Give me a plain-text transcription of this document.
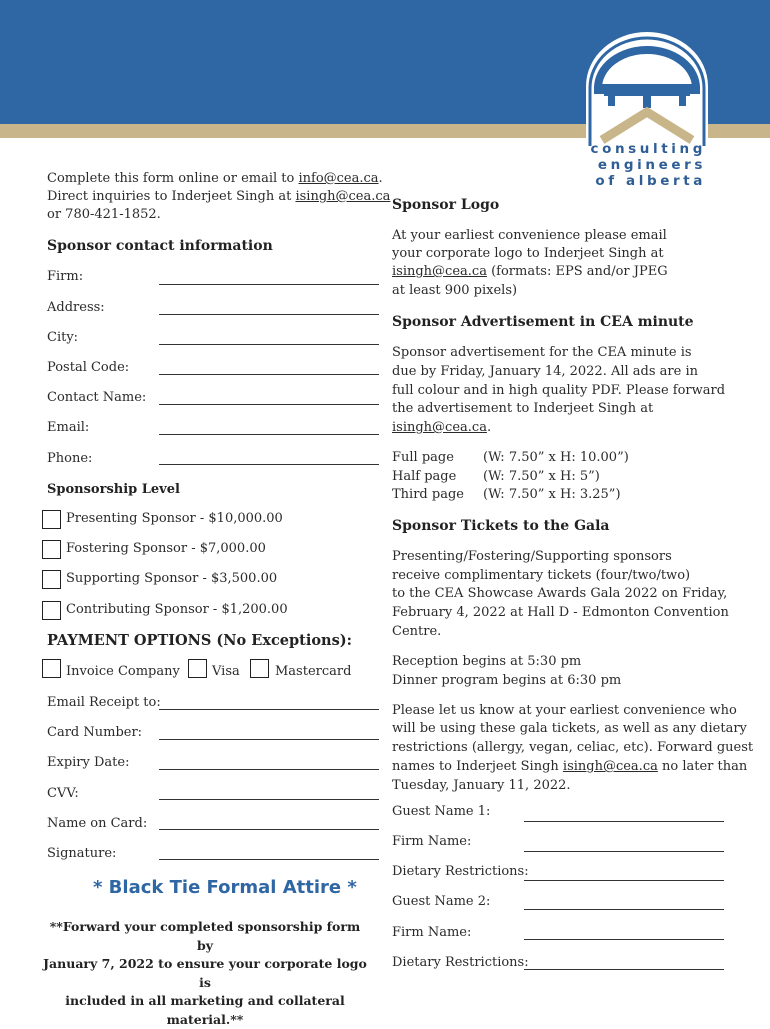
consulting
engineers
of alberta
Complete this form online or email to info@cea.ca.
Direct inquiries to Inderjeet Singh at isingh@cea.ca
or 780-421-1852.
Sponsor contact information
Firm:
Address:
City:
Postal Code:
Contact Name:
Email:
Phone:
Sponsorship Level
Presenting Sponsor - $10,000.00
Fostering Sponsor - $7,000.00
Supporting Sponsor - $3,500.00
Contributing Sponsor - $1,200.00
PAYMENT OPTIONS (No Exceptions):
Invoice Company Visa	Mastercard
Email Receipt to:
Card Number:
Expiry Date:
CVV:
Name on Card:
Signature:
* Black Tie Formal Attire *
**Forward your completed sponsorship form by
January 7, 2022 to ensure your corporate logo is
included in all marketing and collateral material.**
Sponsor Logo
At your earliest convenience please email
your corporate logo to Inderjeet Singh at
isingh@cea.ca (formats: EPS and/or JPEG
at least 900 pixels)
Sponsor Advertisement in CEA minute
Sponsor advertisement for the CEA minute is
due by Friday, January 14, 2022. All ads are in
full colour and in high quality PDF. Please forward
the advertisement to Inderjeet Singh at
isingh@cea.ca.
Full page (W: 7.50” x H: 10.00”)
Half page (W: 7.50” x H: 5”)
Third page (W: 7.50” x H: 3.25”)
Sponsor Tickets to the Gala
Presenting/Fostering/Supporting sponsors
receive complimentary tickets (four/two/two)
to the CEA Showcase Awards Gala 2022 on Friday,
February 4, 2022 at Hall D - Edmonton Convention
Centre.
Reception begins at 5:30 pm
Dinner program begins at 6:30 pm
Please let us know at your earliest convenience who
will be using these gala tickets, as well as any dietary
restrictions (allergy, vegan, celiac, etc). Forward guest
names to Inderjeet Singh isingh@cea.ca no later than
Tuesday, January 11, 2022.
Guest Name 1:
Firm Name:
Dietary Restrictions:
Guest Name 2:
Firm Name:
Dietary Restrictions:
